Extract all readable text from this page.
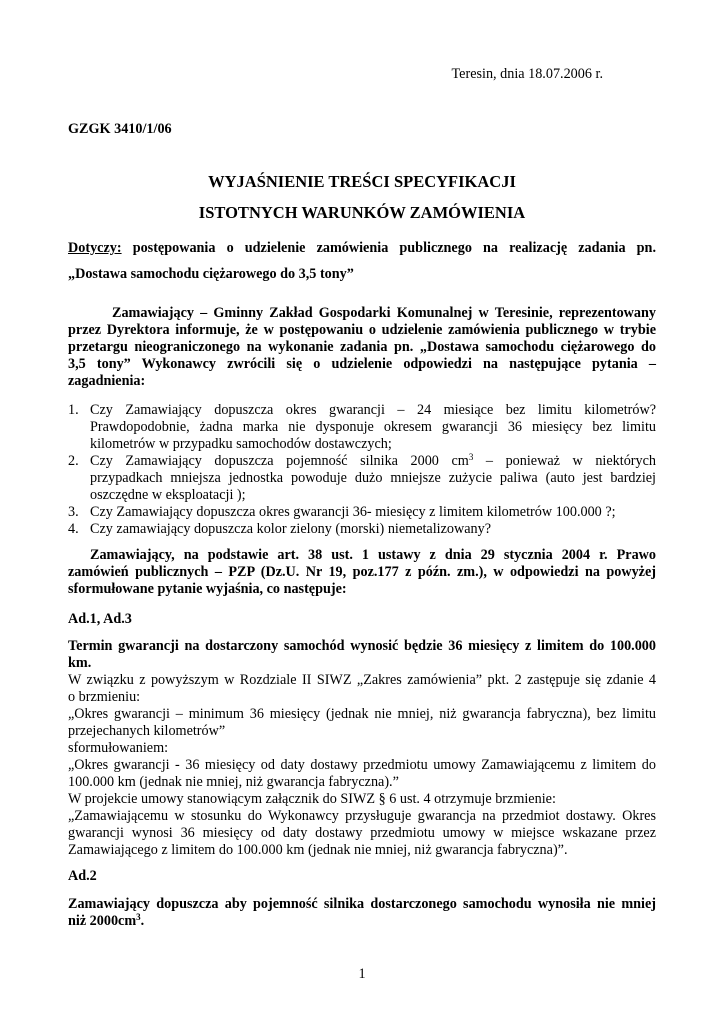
Teresin, dnia 18.07.2006 r.
GZGK 3410/1/06
WYJAŚNIENIE TREŚCI SPECYFIKACJI
ISTOTNYCH WARUNKÓW ZAMÓWIENIA
Dotyczy: postępowania o udzielenie zamówienia publicznego na realizację zadania pn.
„Dostawa samochodu ciężarowego do 3,5 tony”
Zamawiający – Gminny Zakład Gospodarki Komunalnej w Teresinie, reprezentowany
przez Dyrektora informuje, że w postępowaniu o udzielenie zamówienia publicznego w trybie
przetargu nieograniczonego na wykonanie zadania pn. „Dostawa samochodu ciężarowego do
3,5 tony” Wykonawcy zwrócili się o udzielenie odpowiedzi na następujące pytania –
zagadnienia:
1. Czy Zamawiający dopuszcza okres gwarancji – 24 miesiące bez limitu kilometrów?
Prawdopodobnie, żadna marka nie dysponuje okresem gwarancji 36 miesięcy bez limitu
kilometrów w przypadku samochodów dostawczych;
2. Czy Zamawiający dopuszcza pojemność silnika 2000 $cm^3$ – ponieważ w niektórych
przypadkach mniejsza jednostka powoduje dużo mniejsze zużycie paliwa (auto jest bardziej
oszczędne w eksploatacji );
3. Czy Zamawiający dopuszcza okres gwarancji 36- miesięcy z limitem kilometrów 100.000 ?;
4. Czy zamawiający dopuszcza kolor zielony (morski) niemetalizowany?
Zamawiający, na podstawie art. 38 ust. 1 ustawy z dnia 29 stycznia 2004 r. Prawo
zamówień publicznych – PZP (Dz.U. Nr 19, poz.177 z późn. zm.), w odpowiedzi na powyżej
sformułowane pytanie wyjaśnia, co następuje:
Ad.1, Ad.3
Termin gwarancji na dostarczony samochód wynosić będzie 36 miesięcy z limitem do 100.000
km.
W związku z powyższym w Rozdziale II SIWZ „Zakres zamówienia” pkt. 2 zastępuje się zdanie 4
o brzmieniu:
„Okres gwarancji – minimum 36 miesięcy (jednak nie mniej, niż gwarancja fabryczna), bez limitu
przejechanych kilometrów”
sformułowaniem:
„Okres gwarancji - 36 miesięcy od daty dostawy przedmiotu umowy Zamawiającemu z limitem do
100.000 km (jednak nie mniej, niż gwarancja fabryczna).”
W projekcie umowy stanowiącym załącznik do SIWZ § 6 ust. 4 otrzymuje brzmienie:
„Zamawiającemu w stosunku do Wykonawcy przysługuje gwarancja na przedmiot dostawy. Okres
gwarancji wynosi 36 miesięcy od daty dostawy przedmiotu umowy w miejsce wskazane przez
Zamawiającego z limitem do 100.000 km (jednak nie mniej, niż gwarancja fabryczna)”.
Ad.2
Zamawiający dopuszcza aby pojemność silnika dostarczonego samochodu wynosiła nie mniej
niż $2000cm^3$.
1
